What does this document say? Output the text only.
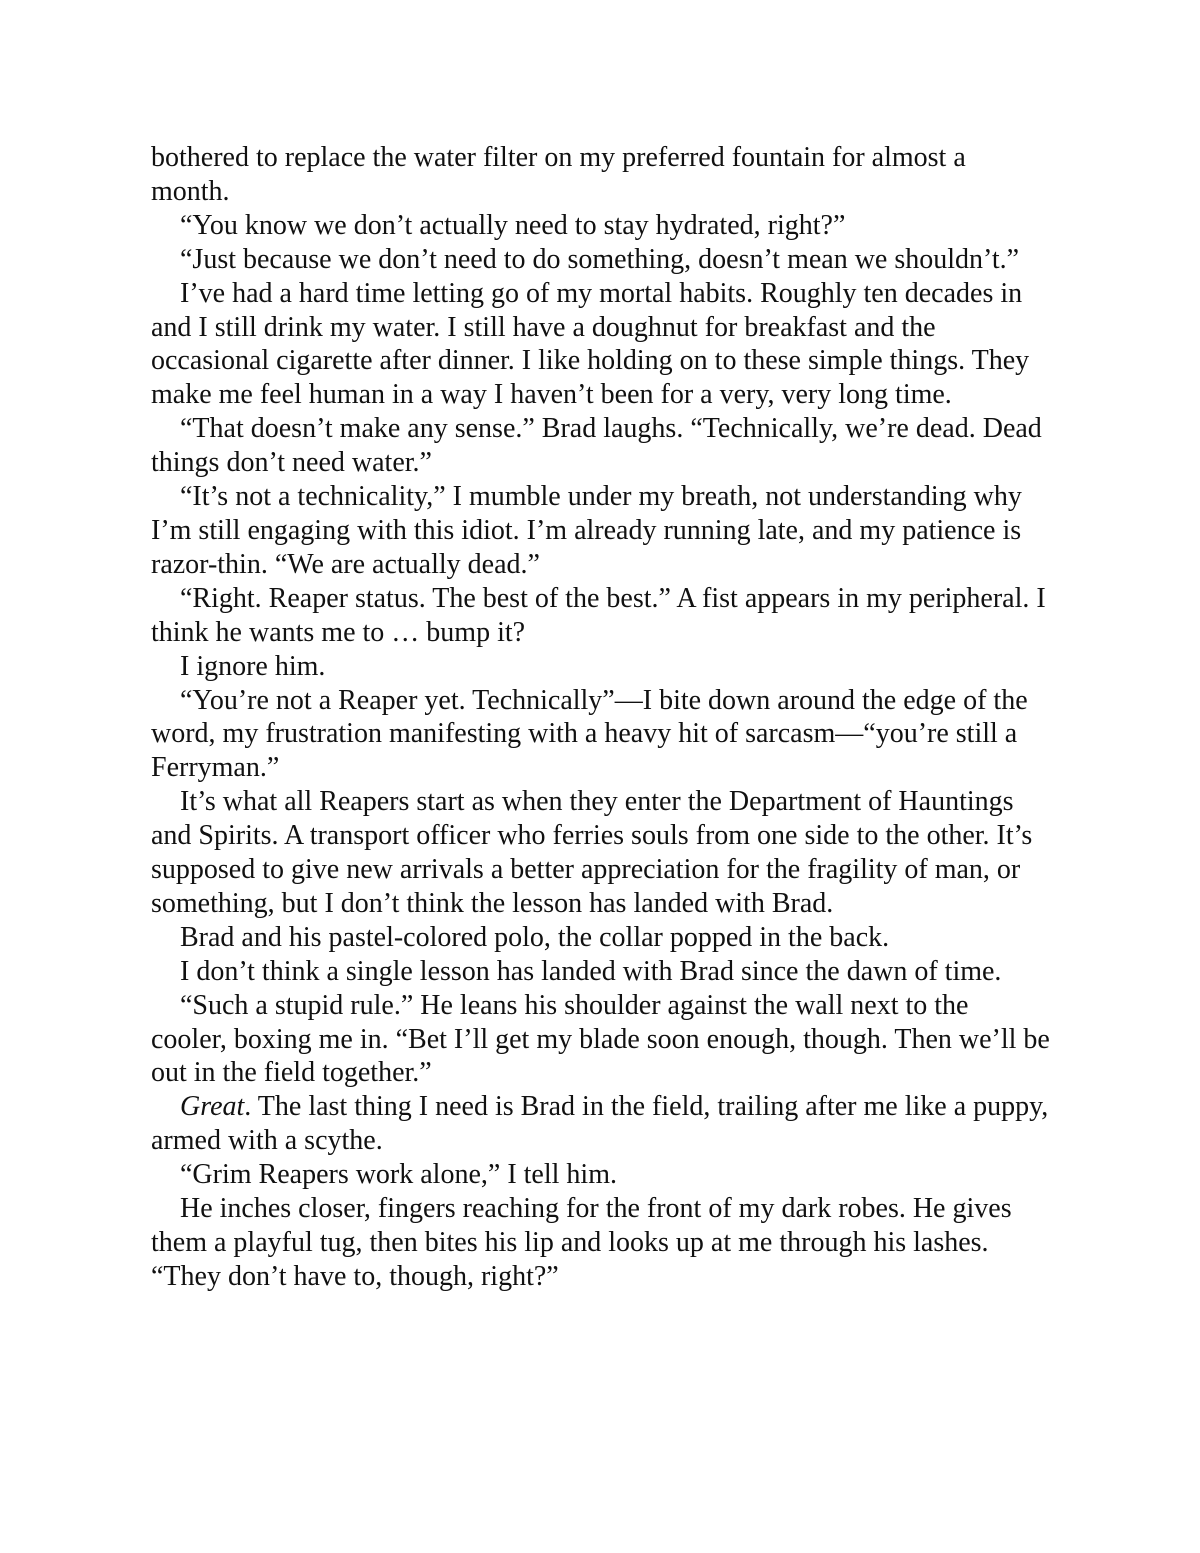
bothered to replace the water filter on my preferred fountain for almost a month.

“You know we don’t actually need to stay hydrated, right?”

“Just because we don’t need to do something, doesn’t mean we shouldn’t.”

I’ve had a hard time letting go of my mortal habits. Roughly ten decades in and I still drink my water. I still have a doughnut for breakfast and the occasional cigarette after dinner. I like holding on to these simple things. They make me feel human in a way I haven’t been for a very, very long time.

“That doesn’t make any sense.” Brad laughs. “Technically, we’re dead. Dead things don’t need water.”

“It’s not a technicality,” I mumble under my breath, not understanding why I’m still engaging with this idiot. I’m already running late, and my patience is razor-thin. “We are actually dead.”

“Right. Reaper status. The best of the best.” A fist appears in my peripheral. I think he wants me to … bump it?

I ignore him.

“You’re not a Reaper yet. Technically”—I bite down around the edge of the word, my frustration manifesting with a heavy hit of sarcasm—“you’re still a Ferryman.”

It’s what all Reapers start as when they enter the Department of Hauntings and Spirits. A transport officer who ferries souls from one side to the other. It’s supposed to give new arrivals a better appreciation for the fragility of man, or something, but I don’t think the lesson has landed with Brad.

Brad and his pastel-colored polo, the collar popped in the back.

I don’t think a single lesson has landed with Brad since the dawn of time.

“Such a stupid rule.” He leans his shoulder against the wall next to the cooler, boxing me in. “Bet I’ll get my blade soon enough, though. Then we’ll be out in the field together.”

Great. The last thing I need is Brad in the field, trailing after me like a puppy, armed with a scythe.

“Grim Reapers work alone,” I tell him.

He inches closer, fingers reaching for the front of my dark robes. He gives them a playful tug, then bites his lip and looks up at me through his lashes. “They don’t have to, though, right?”
